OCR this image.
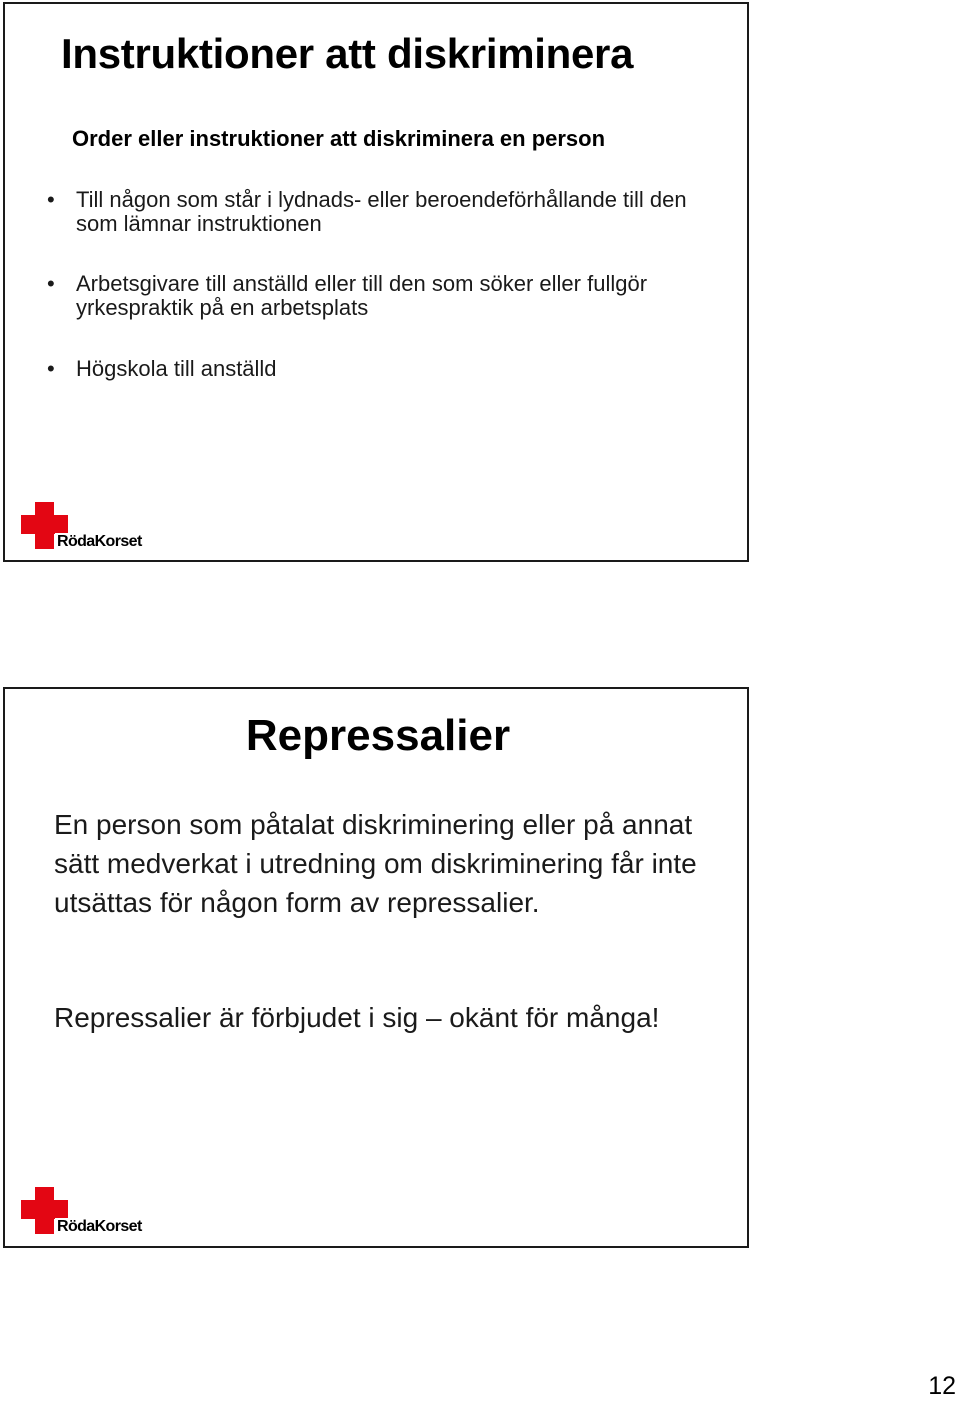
Instruktioner att diskriminera

Order eller instruktioner att diskriminera en person

• Till någon som står i lydnads- eller beroendeförhållande till den som lämnar instruktionen
• Arbetsgivare till anställd eller till den som söker eller fullgör yrkespraktik på en arbetsplats
• Högskola till anställd
RödaKorset
Repressalier

En person som påtalat diskriminering eller på annat sätt medverkat i utredning om diskriminering får inte utsättas för någon form av repressalier.

Repressalier är förbjudet i sig – okänt för många!

RödaKorset
12
